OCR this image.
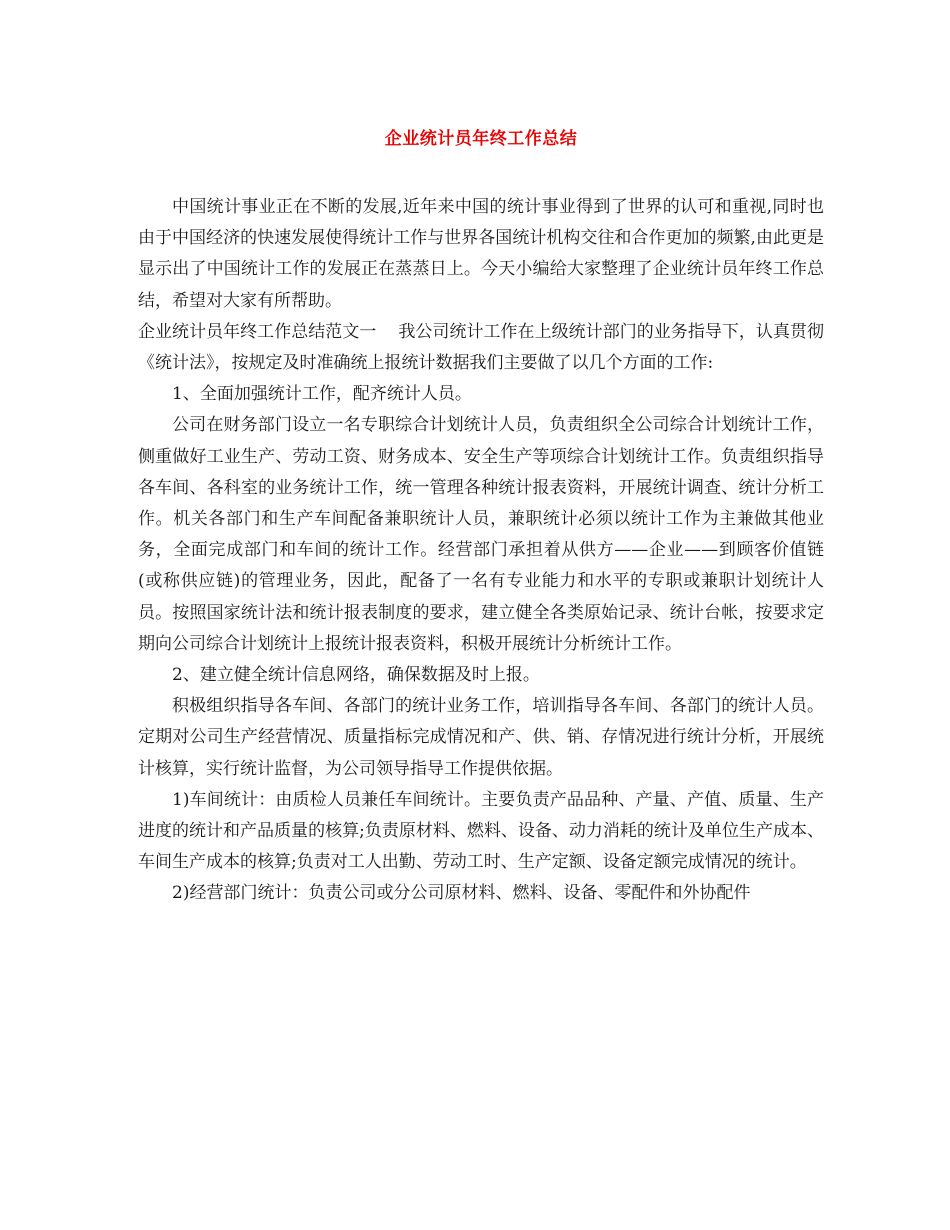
企业统计员年终工作总结

中国统计事业正在不断的发展,近年来中国的统计事业得到了世界的认可和重视,同时也由于中国经济的快速发展使得统计工作与世界各国统计机构交往和合作更加的频繁,由此更是显示出了中国统计工作的发展正在蒸蒸日上。今天小编给大家整理了企业统计员年终工作总结，希望对大家有所帮助。

企业统计员年终工作总结范文一 我公司统计工作在上级统计部门的业务指导下，认真贯彻《统计法》，按规定及时准确统上报统计数据我们主要做了以几个方面的工作:

1、全面加强统计工作，配齐统计人员。

公司在财务部门设立一名专职综合计划统计人员，负责组织全公司综合计划统计工作，侧重做好工业生产、劳动工资、财务成本、安全生产等项综合计划统计工作。负责组织指导各车间、各科室的业务统计工作，统一管理各种统计报表资料，开展统计调查、统计分析工作。机关各部门和生产车间配备兼职统计人员，兼职统计必须以统计工作为主兼做其他业务，全面完成部门和车间的统计工作。经营部门承担着从供方——企业——到顾客价值链(或称供应链)的管理业务，因此，配备了一名有专业能力和水平的专职或兼职计划统计人员。按照国家统计法和统计报表制度的要求，建立健全各类原始记录、统计台帐，按要求定期向公司综合计划统计上报统计报表资料，积极开展统计分析统计工作。

2、建立健全统计信息网络，确保数据及时上报。

积极组织指导各车间、各部门的统计业务工作，培训指导各车间、各部门的统计人员。定期对公司生产经营情况、质量指标完成情况和产、供、销、存情况进行统计分析，开展统计核算，实行统计监督，为公司领导指导工作提供依据。

1)车间统计：由质检人员兼任车间统计。主要负责产品品种、产量、产值、质量、生产进度的统计和产品质量的核算;负责原材料、燃料、设备、动力消耗的统计及单位生产成本、车间生产成本的核算;负责对工人出勤、劳动工时、生产定额、设备定额完成情况的统计。

2)经营部门统计：负责公司或分公司原材料、燃料、设备、零配件和外协配件
